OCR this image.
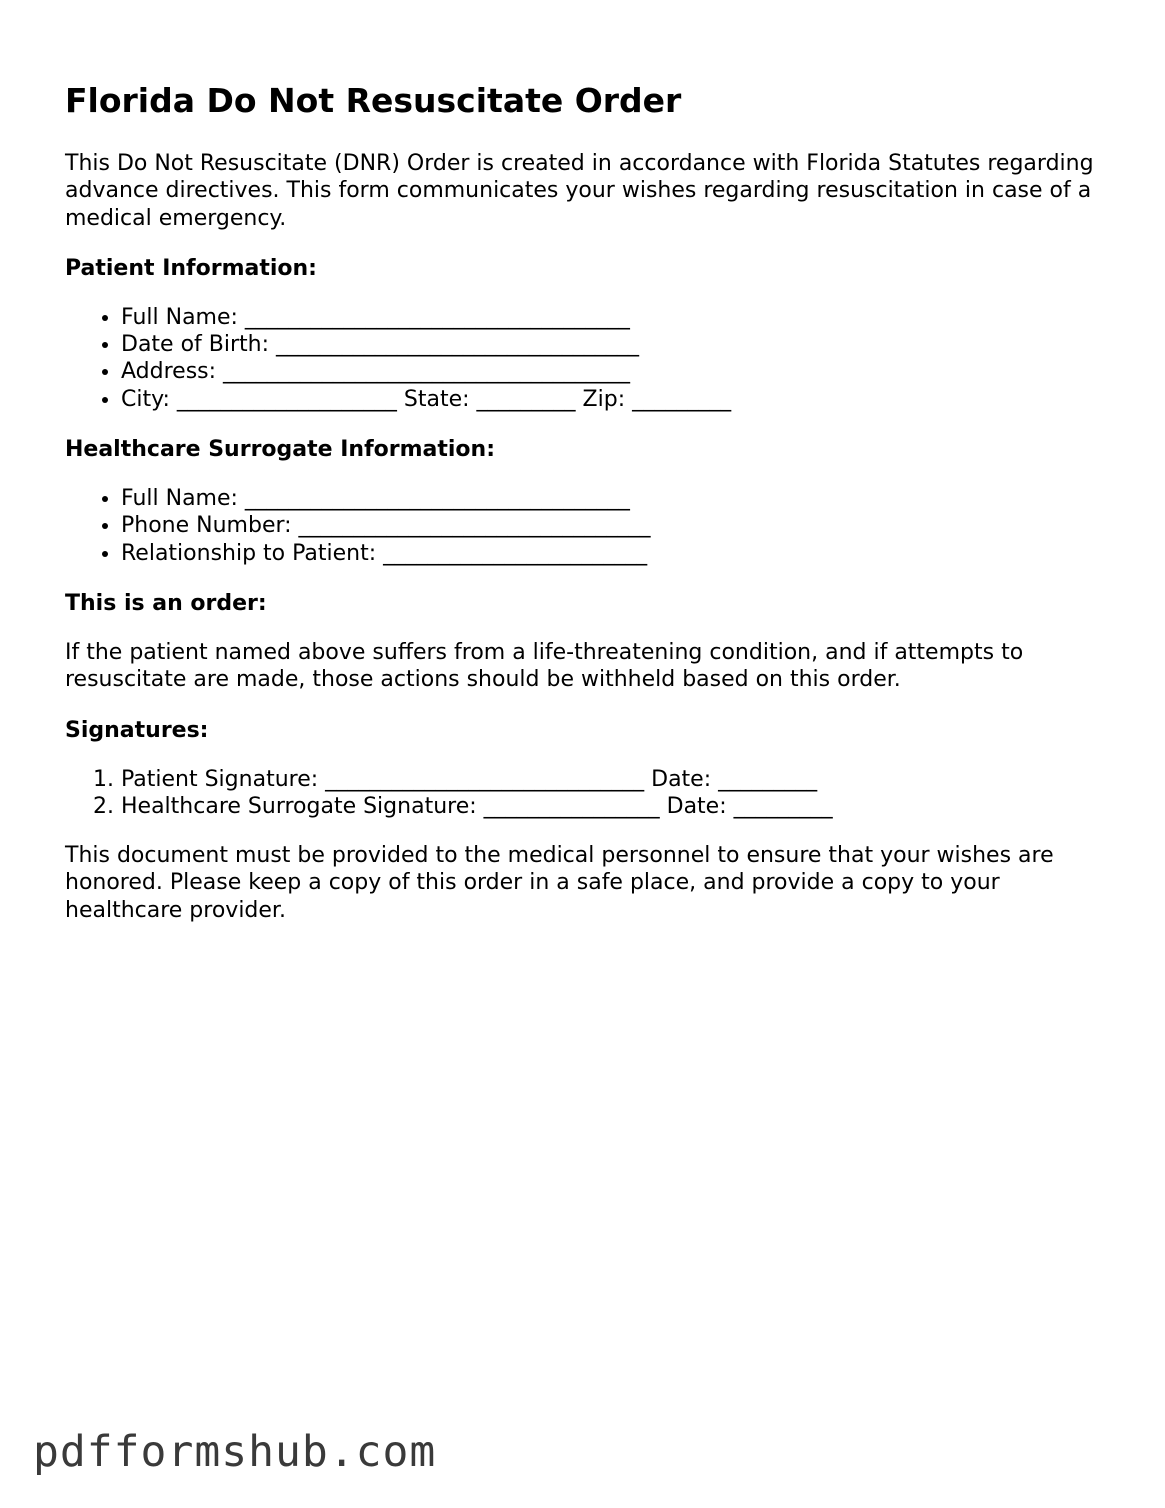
Florida Do Not Resuscitate Order

This Do Not Resuscitate (DNR) Order is created in accordance with Florida Statutes regarding advance directives. This form communicates your wishes regarding resuscitation in case of a medical emergency.

Patient Information:
• Full Name: ___________________________________
• Date of Birth: _________________________________
• Address: _____________________________________
• City: ____________________ State: _________ Zip: _________
Healthcare Surrogate Information:
• Full Name: ___________________________________
• Phone Number: ________________________________
• Relationship to Patient: ________________________
This is an order:

If the patient named above suffers from a life-threatening condition, and if attempts to resuscitate are made, those actions should be withheld based on this order.

Signatures:
1. Patient Signature: _____________________________ Date: _________
2. Healthcare Surrogate Signature: ________________ Date: _________

This document must be provided to the medical personnel to ensure that your wishes are honored. Please keep a copy of this order in a safe place, and provide a copy to your healthcare provider.

pdfformshub.com
